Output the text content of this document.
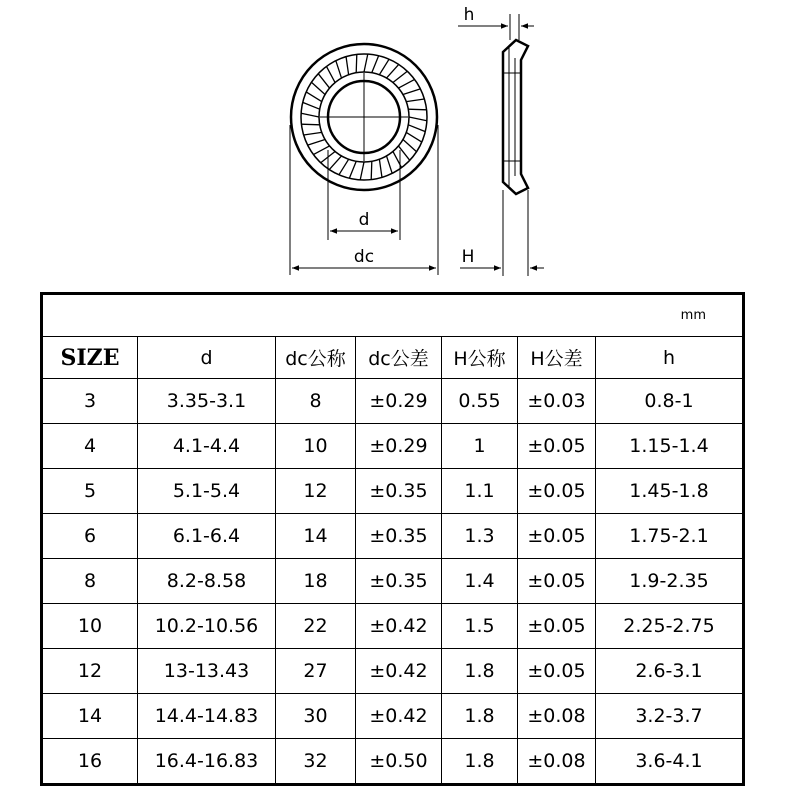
d
dc
h
H
mm						
SIZE	d	dc公称	dc公差	H公称	H公差	h
3	3.35-3.1	8	±0.29	0.55	±0.03	0.8-1
4	4.1-4.4	10	±0.29	1	±0.05	1.15-1.4
5	5.1-5.4	12	±0.35	1.1	±0.05	1.45-1.8
6	6.1-6.4	14	±0.35	1.3	±0.05	1.75-2.1
8	8.2-8.58	18	±0.35	1.4	±0.05	1.9-2.35
10	10.2-10.56	22	±0.42	1.5	±0.05	2.25-2.75
12	13-13.43	27	±0.42	1.8	±0.05	2.6-3.1
14	14.4-14.83	30	±0.42	1.8	±0.08	3.2-3.7
16	16.4-16.83	32	±0.50	1.8	±0.08	3.6-4.1
